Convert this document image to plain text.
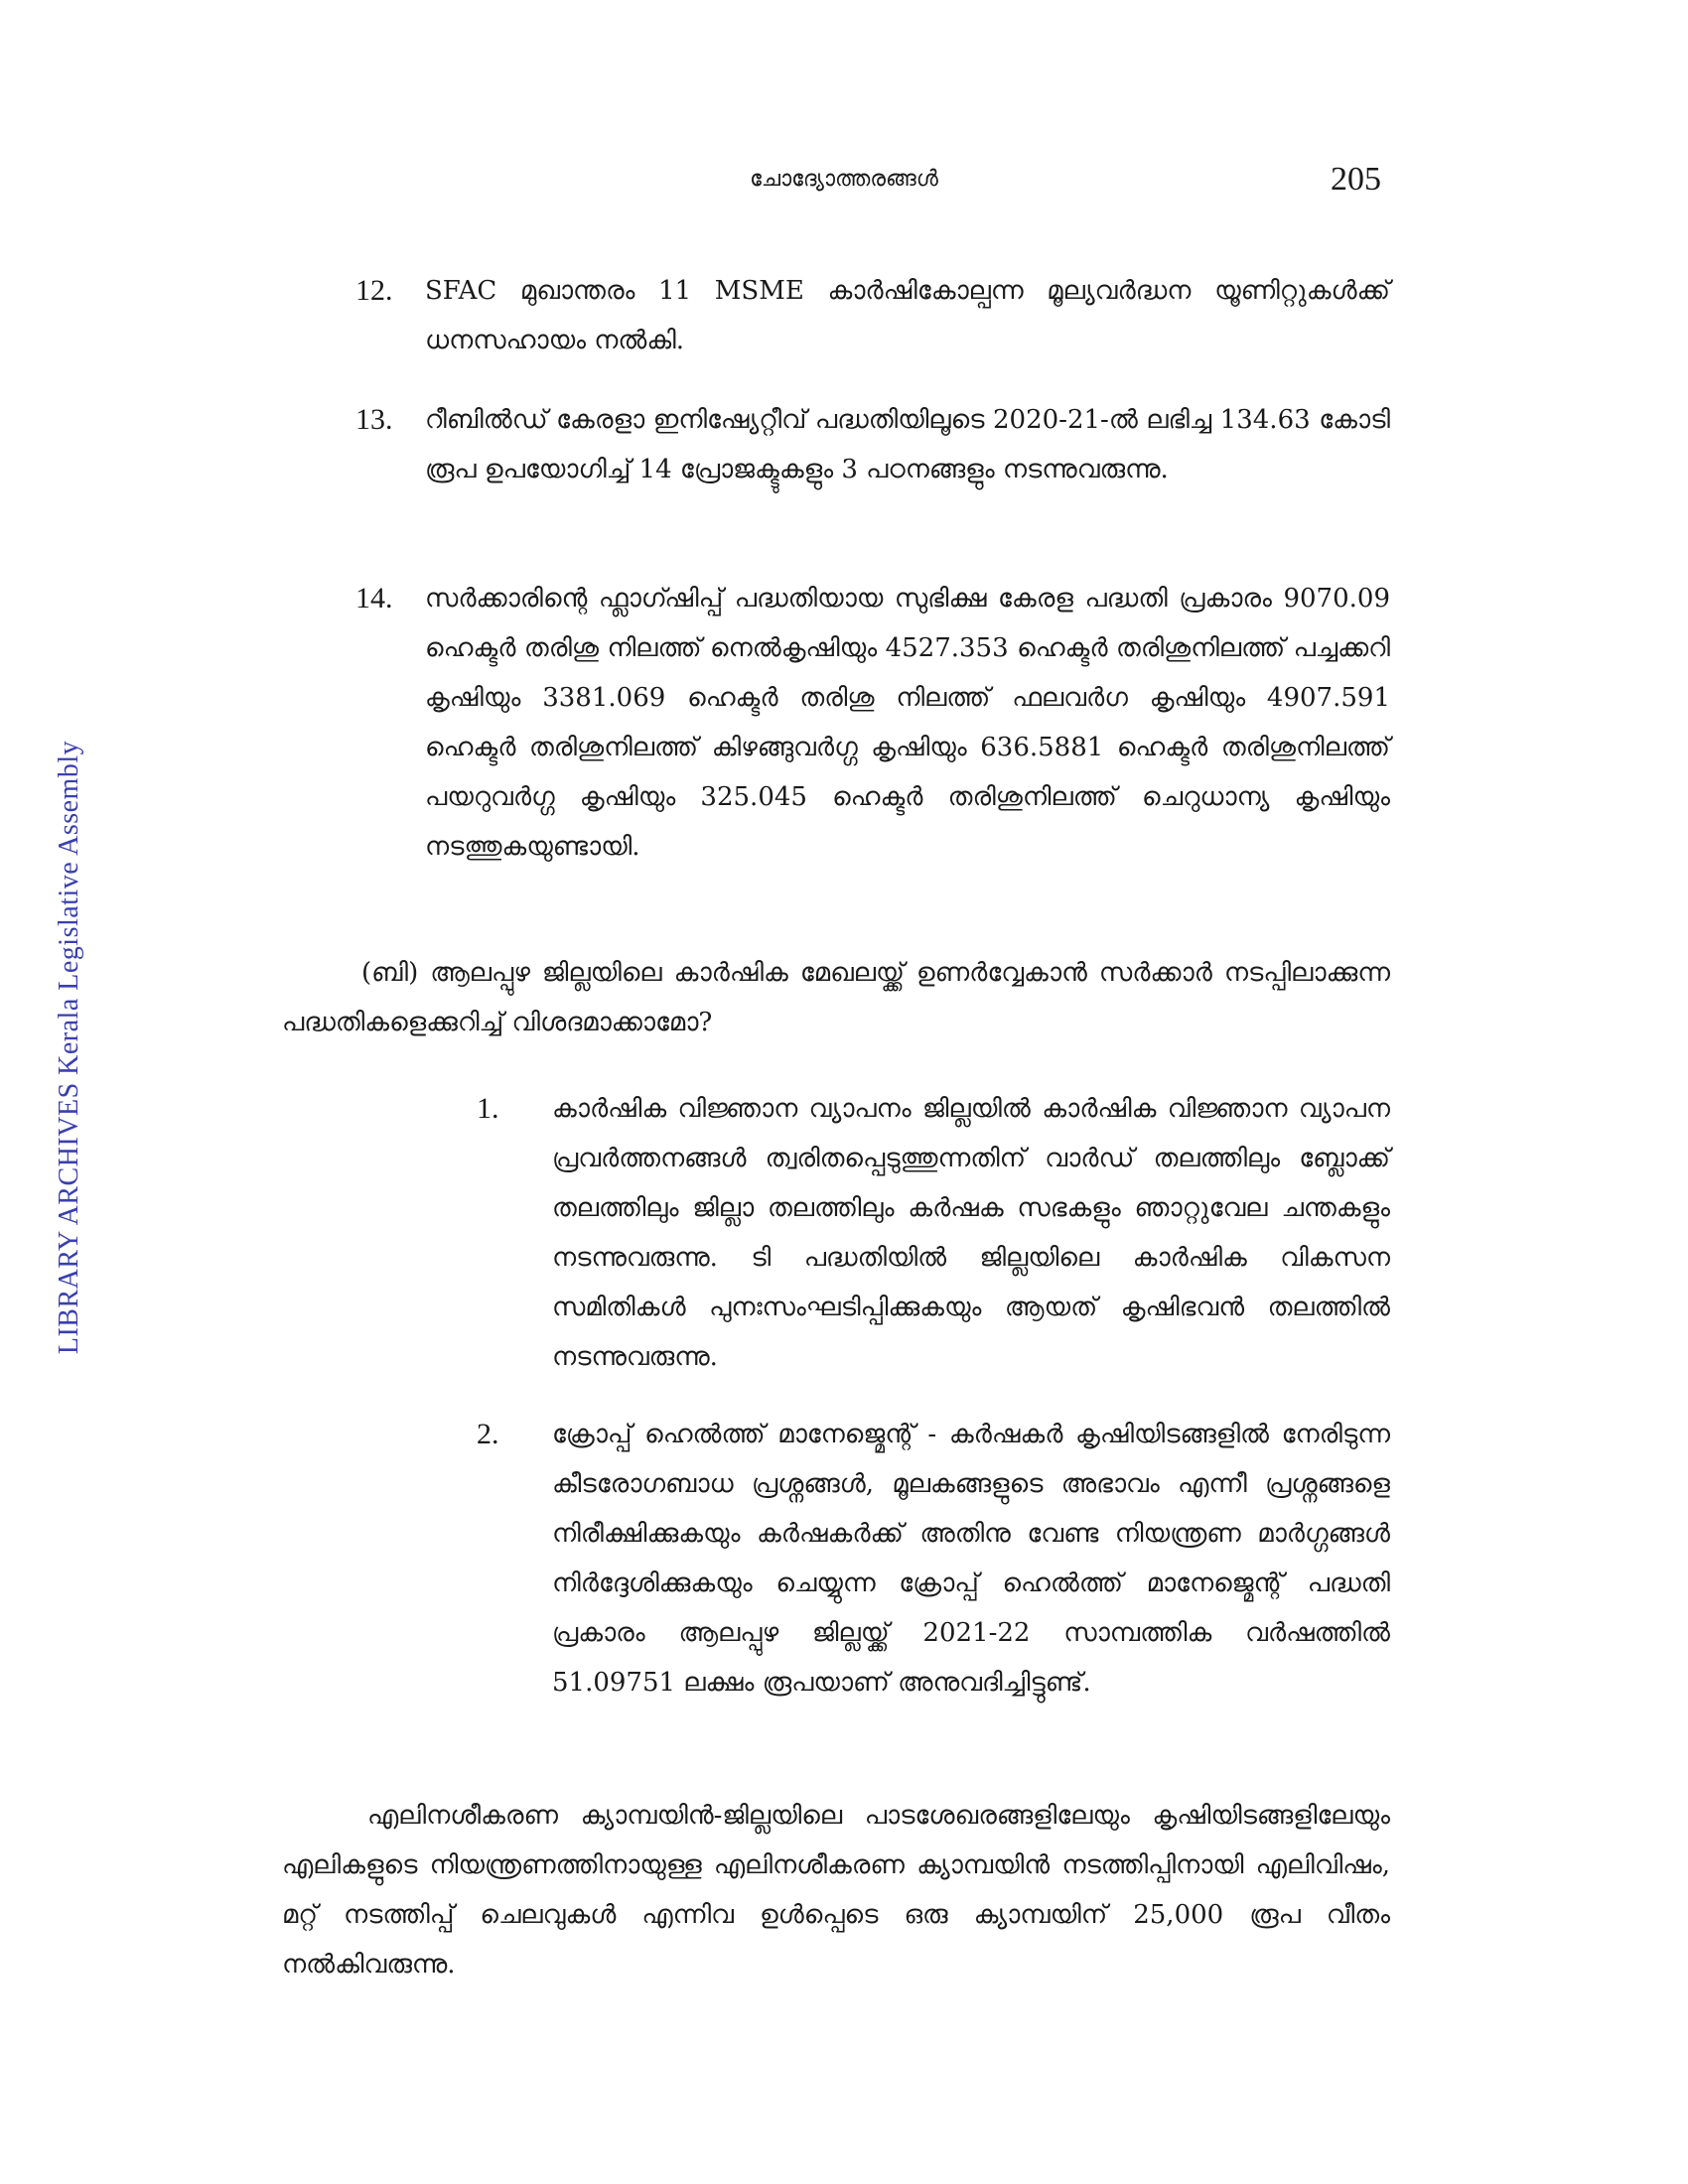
LIBRARY ARCHIVES Kerala Legislative Assembly
ചോദ്യോത്തരങ്ങൾ	205
12.	SFAC മുഖാന്തരം 11 MSME കാർഷികോല്പന്ന മൂല്യവർദ്ധന യൂണിറ്റുകൾക്ക് ധനസഹായം നൽകി.
13.	റീബിൽഡ് കേരളാ ഇനിഷ്യേറ്റീവ് പദ്ധതിയിലൂടെ 2020-21-ൽ ലഭിച്ച 134.63 കോടി രൂപ ഉപയോഗിച്ച് 14 പ്രോജക്ടുകളും 3 പഠനങ്ങളും നടന്നുവരുന്നു.
14.	സർക്കാരിന്റെ ഫ്ലാഗ്ഷിപ്പ് പദ്ധതിയായ സുഭിക്ഷ കേരള പദ്ധതി പ്രകാരം 9070.09 ഹെക്ടർ തരിശു നിലത്ത് നെൽകൃഷിയും 4527.353 ഹെക്ടർ തരിശുനിലത്ത് പച്ചക്കറി കൃഷിയും 3381.069 ഹെക്ടർ തരിശു നിലത്ത് ഫലവർഗ കൃഷിയും 4907.591 ഹെക്ടർ തരിശുനിലത്ത് കിഴങ്ങുവർഗ്ഗ കൃഷിയും 636.5881 ഹെക്ടർ തരിശുനിലത്ത് പയറുവർഗ്ഗ കൃഷിയും 325.045 ഹെക്ടർ തരിശുനിലത്ത് ചെറുധാന്യ കൃഷിയും നടത്തുകയുണ്ടായി.
(ബി) ആലപ്പുഴ ജില്ലയിലെ കാർഷിക മേഖലയ്ക്ക് ഉണർവ്വേകാൻ സർക്കാർ നടപ്പിലാക്കുന്ന പദ്ധതികളെക്കുറിച്ച് വിശദമാക്കാമോ?
1.	കാർഷിക വിജ്ഞാന വ്യാപനം ജില്ലയിൽ കാർഷിക വിജ്ഞാന വ്യാപന പ്രവർത്തനങ്ങൾ ത്വരിതപ്പെടുത്തുന്നതിന് വാർഡ് തലത്തിലും ബ്ലോക്ക് തലത്തിലും ജില്ലാ തലത്തിലും കർഷക സഭകളും ഞാറ്റുവേല ചന്തകളും നടന്നുവരുന്നു. ടി പദ്ധതിയിൽ ജില്ലയിലെ കാർഷിക വികസന സമിതികൾ പുനഃസംഘടിപ്പിക്കുകയും ആയത് കൃഷിഭവൻ തലത്തിൽ നടന്നുവരുന്നു.
2.	ക്രോപ്പ് ഹെൽത്ത് മാനേജ്മെന്റ് - കർഷകർ കൃഷിയിടങ്ങളിൽ നേരിടുന്ന കീടരോഗബാധ പ്രശ്നങ്ങൾ, മൂലകങ്ങളുടെ അഭാവം എന്നീ പ്രശ്നങ്ങളെ നിരീക്ഷിക്കുകയും കർഷകർക്ക് അതിനു വേണ്ട നിയന്ത്രണ മാർഗ്ഗങ്ങൾ നിർദ്ദേശിക്കുകയും ചെയ്യുന്ന ക്രോപ്പ് ഹെൽത്ത് മാനേജ്മെന്റ് പദ്ധതി പ്രകാരം ആലപ്പുഴ ജില്ലയ്ക്ക് 2021-22 സാമ്പത്തിക വർഷത്തിൽ 51.09751 ലക്ഷം രൂപയാണ് അനുവദിച്ചിട്ടുണ്ട്.
എലിനശീകരണ ക്യാമ്പയിൻ-ജില്ലയിലെ പാടശേഖരങ്ങളിലേയും കൃഷിയിടങ്ങളിലേയും എലികളുടെ നിയന്ത്രണത്തിനായുള്ള എലിനശീകരണ ക്യാമ്പയിൻ നടത്തിപ്പിനായി എലിവിഷം, മറ്റ് നടത്തിപ്പ് ചെലവുകൾ എന്നിവ ഉൾപ്പെടെ ഒരു ക്യാമ്പയിന് 25,000 രൂപ വീതം നൽകിവരുന്നു.
